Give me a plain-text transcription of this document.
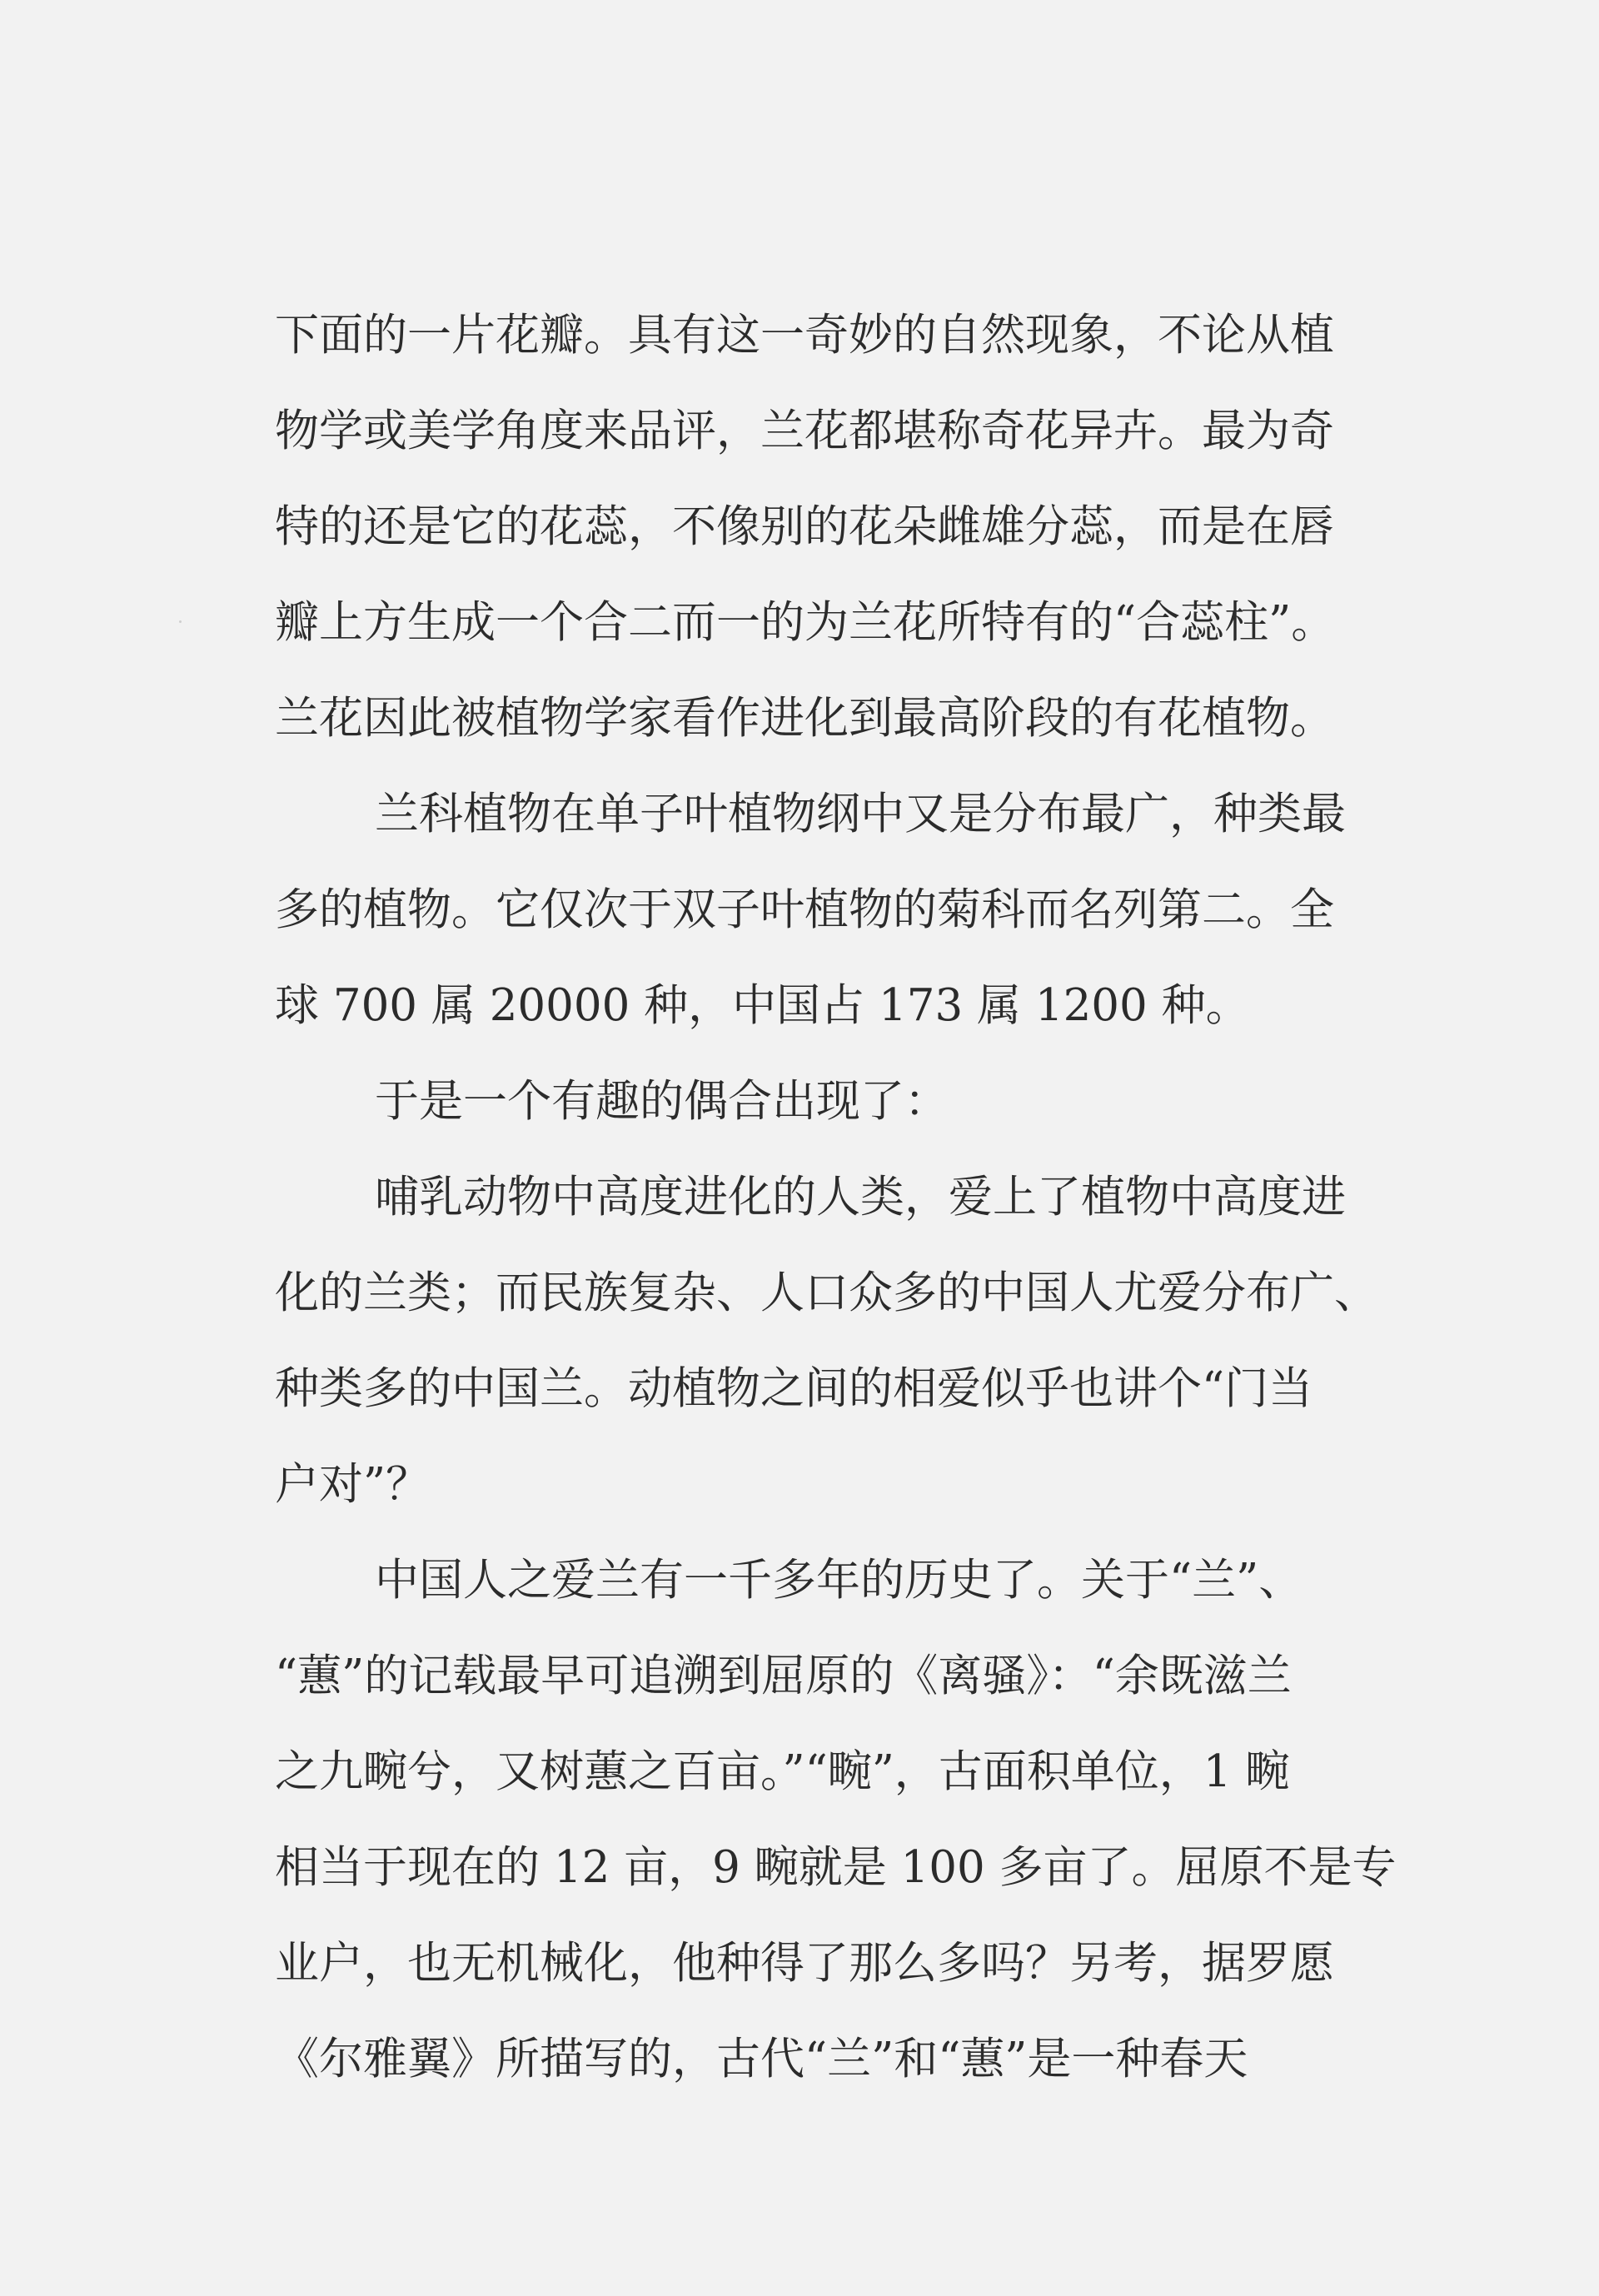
下面的一片花瓣。具有这一奇妙的自然现象，不论从植
物学或美学角度来品评，兰花都堪称奇花异卉。最为奇
特的还是它的花蕊，不像别的花朵雌雄分蕊，而是在唇
瓣上方生成一个合二而一的为兰花所特有的“合蕊柱”。
兰花因此被植物学家看作进化到最高阶段的有花植物。
兰科植物在单子叶植物纲中又是分布最广，种类最
多的植物。它仅次于双子叶植物的菊科而名列第二。全
球 700 属 20000 种，中国占 173 属 1200 种。
于是一个有趣的偶合出现了：
哺乳动物中高度进化的人类，爱上了植物中高度进
化的兰类；而民族复杂、人口众多的中国人尤爱分布广、
种类多的中国兰。动植物之间的相爱似乎也讲个“门当
户对”？
中国人之爱兰有一千多年的历史了。关于“兰”、
“蕙”的记载最早可追溯到屈原的《离骚》：“余既滋兰
之九畹兮，又树蕙之百亩。”“畹”，古面积单位，1 畹
相当于现在的 12 亩，9 畹就是 100 多亩了。屈原不是专
业户，也无机械化，他种得了那么多吗？另考，据罗愿
《尔雅翼》所描写的，古代“兰”和“蕙”是一种春天
